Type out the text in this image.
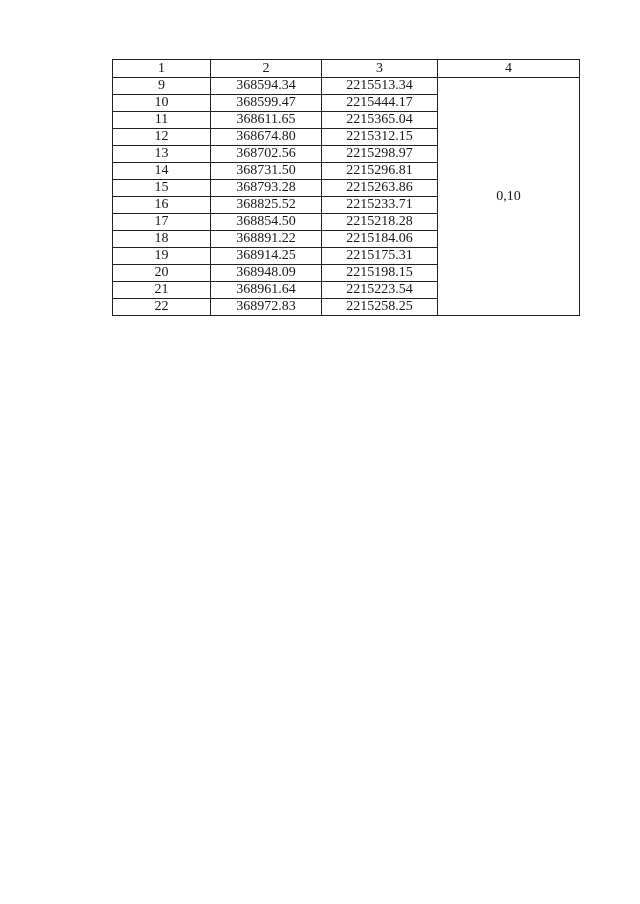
1	2	3	4
9	368594.34	2215513.34	0,10
10	368599.47	2215444.17	
11	368611.65	2215365.04	
12	368674.80	2215312.15	
13	368702.56	2215298.97	
14	368731.50	2215296.81	
15	368793.28	2215263.86	
16	368825.52	2215233.71	
17	368854.50	2215218.28	
18	368891.22	2215184.06	
19	368914.25	2215175.31	
20	368948.09	2215198.15	
21	368961.64	2215223.54	
22	368972.83	2215258.25	
